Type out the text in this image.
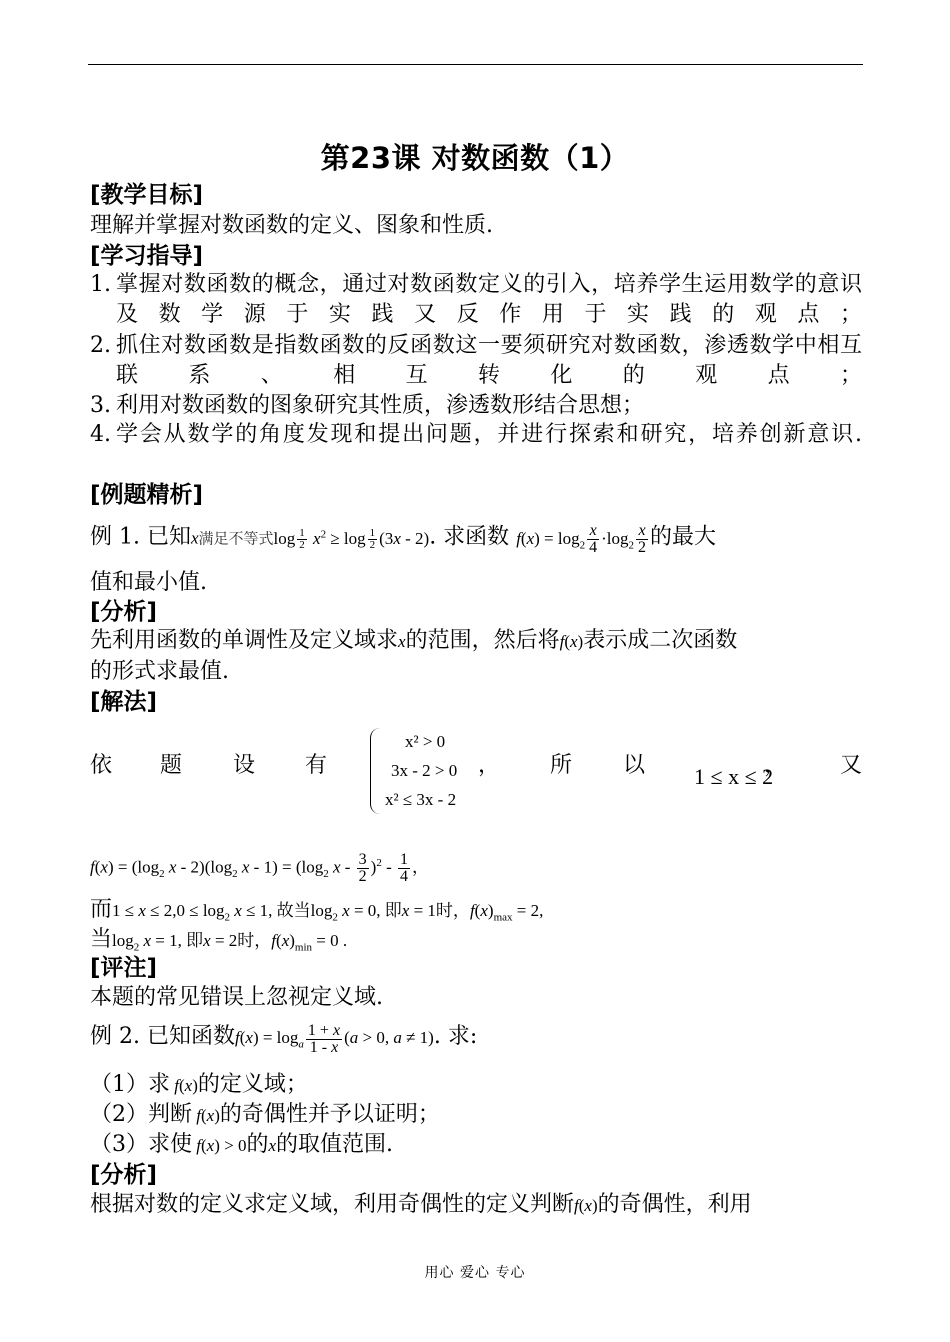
第23课 对数函数（1）
[教学目标]
理解并掌握对数函数的定义、图象和性质.
[学习指导]
1. 掌握对数函数的概念，通过对数函数定义的引入，培养学生运用数学的意识及数学源于实践又反作用于实践的观点；
2. 抓住对数函数是指数函数的反函数这一要须研究对数函数，渗透数学中相互联系、相互转化的观点；
3. 利用对数函数的图象研究其性质，渗透数形结合思想；
4. 学会从数学的角度发现和提出问题，并进行探索和研究，培养创新意识.
[例题精析]
例 1. 已知x满足不等式$\log \frac{1}{2} x^2 \ge \log \frac{1}{2} (3x - 2)$. 求函数 $f(x) = \log_2 \frac{x}{4} \cdot\log_2 \frac{x}{2}$ 的最大
值和最小值.
[分析]
先利用函数的单调性及定义域求x的范围，然后将f(x)表示成二次函数
的形式求最值.
[解法]
依 题 设 有
x² > 0
3x - 2 > 0
x² ≤ 3x - 2
， 所 以 1 ≤ x ≤ 2
， 又
$f(x) = (\log_2$ x - $2)(\log_2$ $x - 1) = (\log_2$ x - $\frac{3}{2} )^2 - \frac{1}{4}$ ，
而$1 \le x \le 2,0 \le \log_2 x \le 1$, 故当$\log_2 x = 0$, 即x = 1时，$f(x)_{max} = 2$,
当$\log_2 x = 1$, 即x = 2时，$f(x)_{min} = 0$ .
[评注]
本题的常见错误上忽视定义域.
例 2. 已知函数$f(x) = \log_a \frac{1 + x}{1 - x} (a > 0$, a ≠ 1). 求:
（1）求 f(x)的定义域；
（2）判断 f(x)的奇偶性并予以证明；
（3）求使 f(x) > 0的x的取值范围.
[分析]
根据对数的定义求定义域，利用奇偶性的定义判断f(x)的奇偶性，利用
用心 爱心 专心
